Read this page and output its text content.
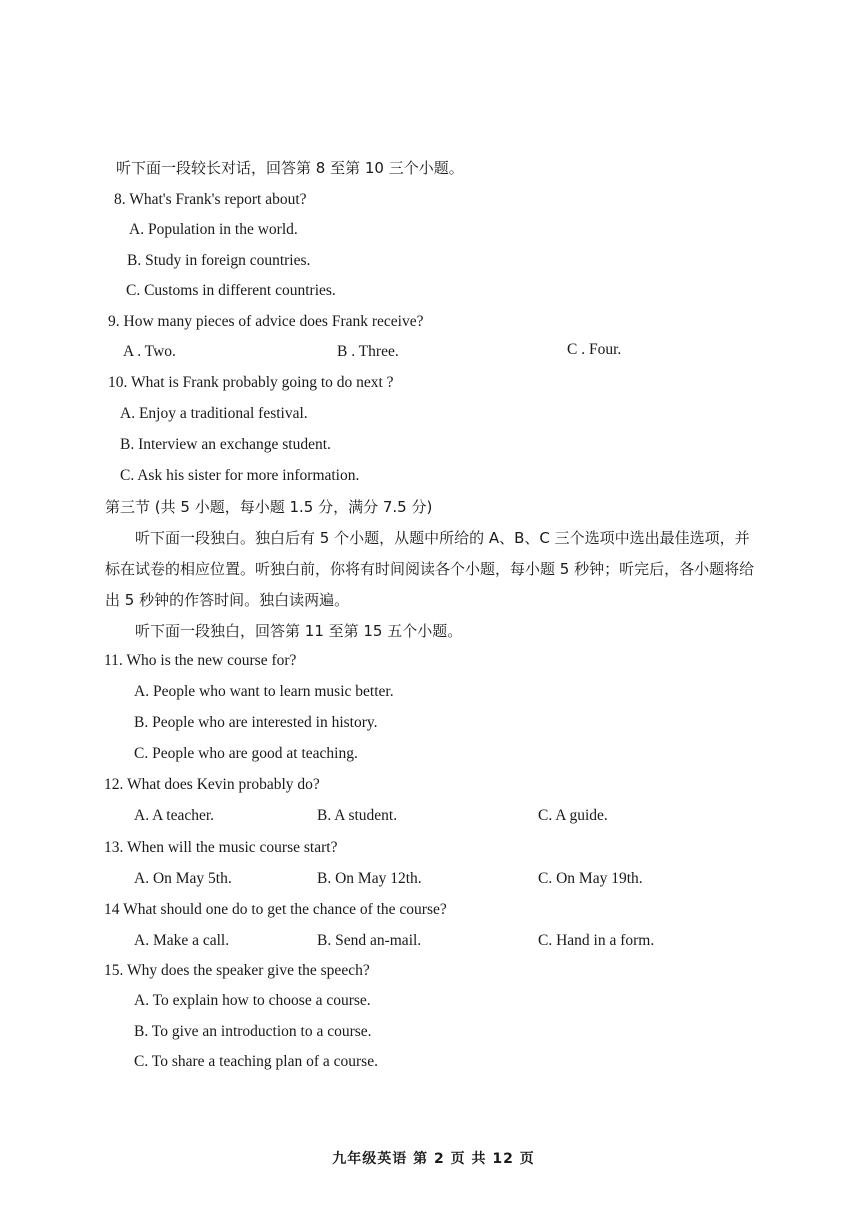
听下面一段较长对话，回答第 8 至第 10 三个小题。
8. What's Frank's report about?
A. Population in the world.
B. Study in foreign countries.
C. Customs in different countries.
9. How many pieces of advice does Frank receive?
A . Two.	B . Three.	C . Four.
10. What is Frank probably going to do next ?
A. Enjoy a traditional festival.
B. Interview an exchange student.
C. Ask his sister for more information.
第三节 (共 5 小题，每小题 1.5 分，满分 7.5 分)
听下面一段独白。独白后有 5 个小题，从题中所给的 A、B、C 三个选项中选出最佳选项，并标在试卷的相应位置。听独白前，你将有时间阅读各个小题，每小题 5 秒钟；听完后，各小题将给出 5 秒钟的作答时间。独白读两遍。
听下面一段独白，回答第 11 至第 15 五个小题。
11. Who is the new course for?
A. People who want to learn music better.
B. People who are interested in history.
C. People who are good at teaching.
12. What does Kevin probably do?
A. A teacher.	B. A student.	C. A guide.
13. When will the music course start?
A. On May 5th.	B. On May 12th.	C. On May 19th.
14 What should one do to get the chance of the course?
A. Make a call.	B. Send an-mail.	C. Hand in a form.
15. Why does the speaker give the speech?
A. To explain how to choose a course.
B. To give an introduction to a course.
C. To share a teaching plan of a course.
九年级英语 第 2 页 共 12 页
